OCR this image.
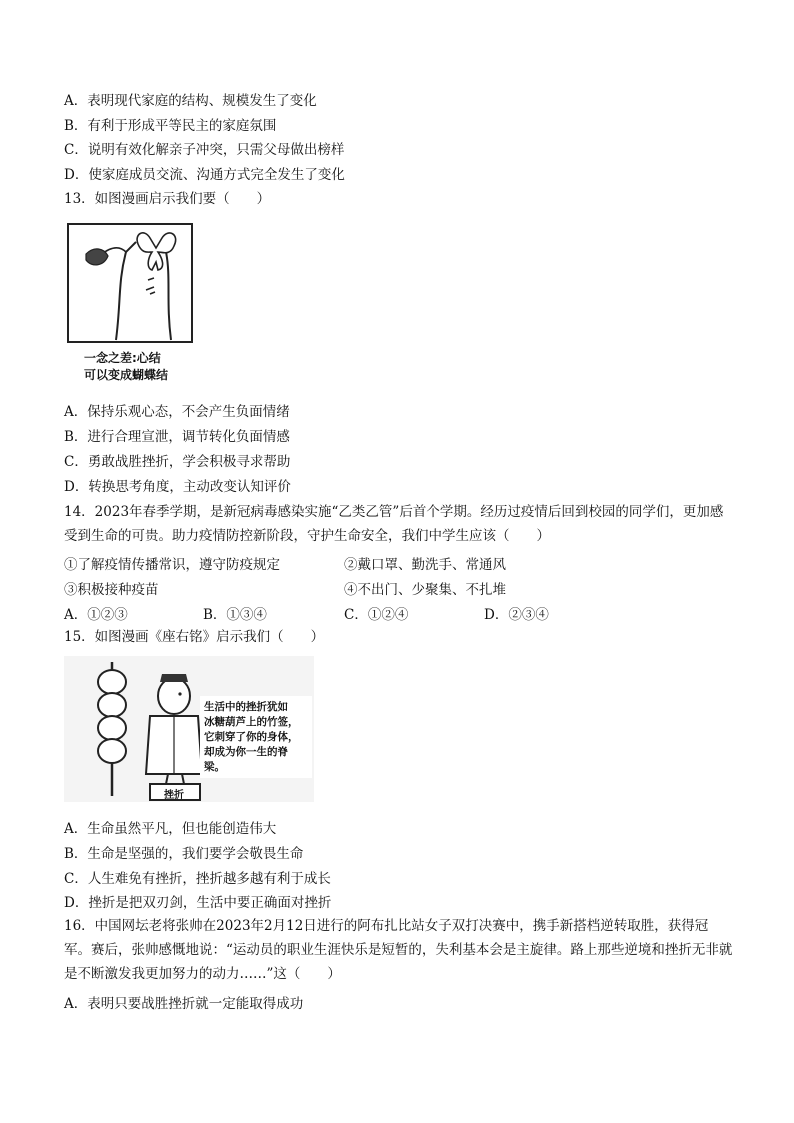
A．表明现代家庭的结构、规模发生了变化
B．有利于形成平等民主的家庭氛围
C．说明有效化解亲子冲突，只需父母做出榜样
D．使家庭成员交流、沟通方式完全发生了变化
13．如图漫画启示我们要（　　）
一念之差:心结
可以变成蝴蝶结
A．保持乐观心态，不会产生负面情绪
B．进行合理宣泄，调节转化负面情感
C．勇敢战胜挫折，学会积极寻求帮助
D．转换思考角度，主动改变认知评价
14．2023年春季学期，是新冠病毒感染实施“乙类乙管”后首个学期。经历过疫情后回到校园的同学们，更加感受到生命的可贵。助力疫情防控新阶段，守护生命安全，我们中学生应该（　　）
①了解疫情传播常识，遵守防疫规定	②戴口罩、勤洗手、常通风
③积极接种疫苗	④不出门、少聚集、不扎堆
A．①②③	B．①③④	C．①②④	D．②③④
15．如图漫画《座右铭》启示我们（　　）
生活中的挫折犹如
冰糖葫芦上的竹签，
它刺穿了你的身体，
却成为你一生的脊
梁。
挫折
A．生命虽然平凡，但也能创造伟大
B．生命是坚强的，我们要学会敬畏生命
C．人生难免有挫折，挫折越多越有利于成长
D．挫折是把双刃剑，生活中要正确面对挫折
16．中国网坛老将张帅在2023年2月12日进行的阿布扎比站女子双打决赛中，携手新搭档逆转取胜，获得冠军。赛后，张帅感慨地说：“运动员的职业生涯快乐是短暂的，失利基本会是主旋律。路上那些逆境和挫折无非就是不断激发我更加努力的动力……”这（　　）
A．表明只要战胜挫折就一定能取得成功
